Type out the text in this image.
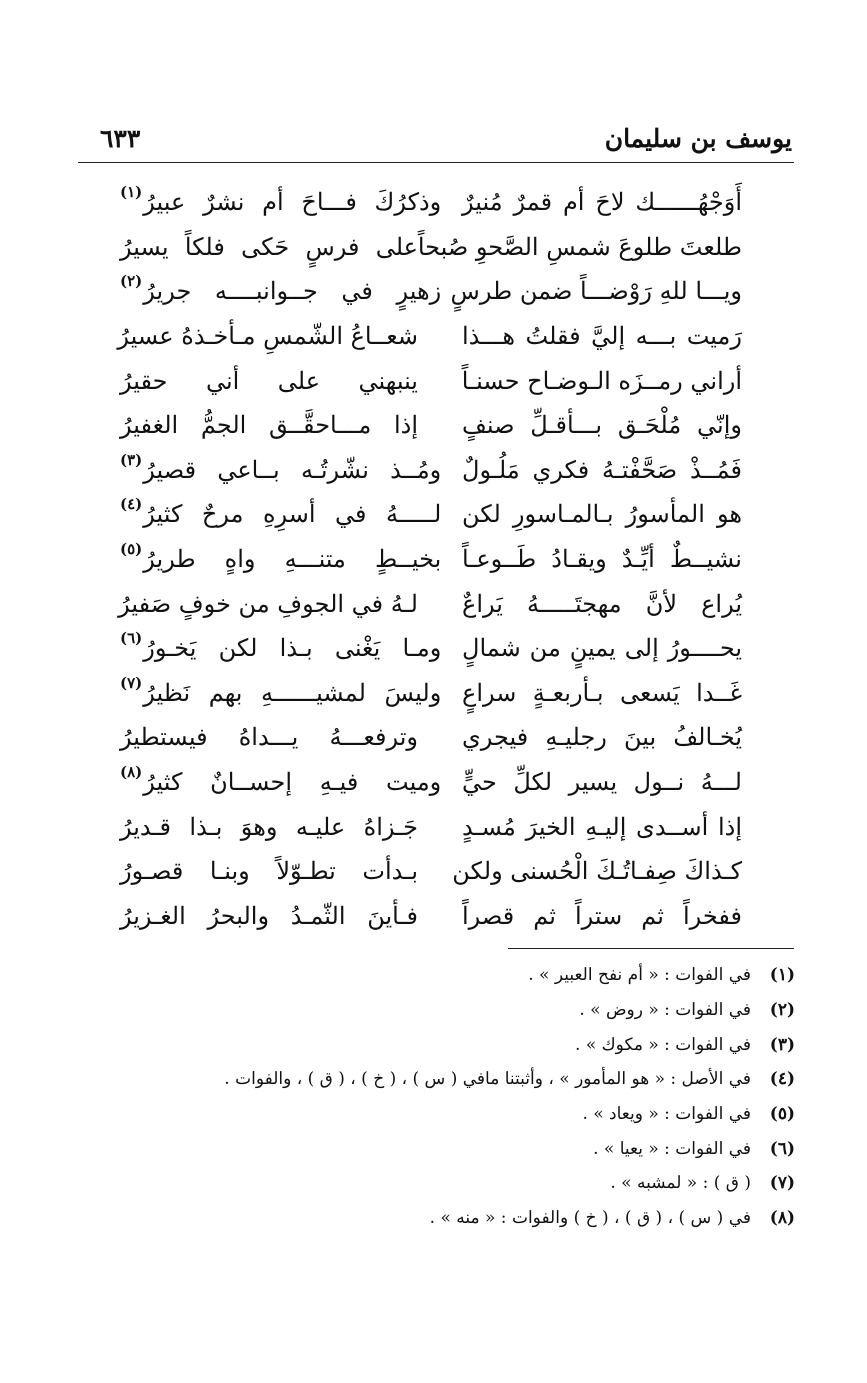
يوسف بن سليمان
٦٣٣
أَوَجْهُــــــك لاحَ أم قمرٌ مُنيرٌ
وذكرُكَ فـــاحَ أم نشرٌ عبيرُ
(١)
طلعتَ طلوعَ شمسِ الصَّحوِ صُبحاً
على فرسٍ حَكى فلكاً يسيرُ
ويـــا للهِ رَوْضـــاً ضمن طرسٍ
زهيرٍ في جــوانبــــه جريرُ
(٢)
رَميت بـــه إليَّ فقلتُ هـــذا
شعــاعُ الشّمسِ مـأخـذهُ عسيرُ
أراني رمــزَه الـوضـاح حسنـاً
ينبهني على أني حقيرُ
وإنّي مُلْحَـق بـــأقـلِّ صنفٍ
إذا مـــاحقَّــق الجمُّ الغفيرُ
فَمُــذْ صَحَّفْتـهُ فكري مَلُـولٌ
ومُــذ نشّرتُـه بــاعي قصيرُ
(٣)
هو المأسورُ بـالمـاسورِ لكن
لـــــهُ في أسرِهِ مرحٌ كثيرُ
(٤)
نشيــطٌ أيِّـدٌ ويقـادُ طَــوعـاً
بخيــطٍ متنـــهِ واهٍ طريرُ
(٥)
يُراع لأنَّ مهجتَـــــهُ يَراعٌ
لـهُ في الجوفِ من خوفٍ صَفيرُ
يحــــورُ إلى يمينٍ من شمالٍ
ومـا يَغْنى بـذا لكن يَخـورُ
(٦)
غَــدا يَسعى بـأربعـةٍ سراعٍ
وليسَ لمشيــــــهِ بهم نَظيرُ
(٧)
يُخـالفُ بينَ رجليـهِ فيجري
وترفعـــهُ يـــداهُ فيستطيرُ
لـــهُ نــول يسير لكلِّ حيٍّ
وميت فيـهِ إحســانٌ كثيرُ
(٨)
إذا أســدى إليـهِ الخيرَ مُسـدٍ
جَـزاهُ عليـه وهوَ بـذا قـديرُ
كـذاكَ صِفـاتُـكَ الْحُسنى ولكن
بـدأت تطـوّلاً وبنـا قصـورُ
ففخراً ثم ستراً ثم قصراً
فـأينَ الثّمـدُ والبحرُ الغـزيرُ
(١)
في الفوات : « أم نفح العبير » .
(٢)
في الفوات : « روض » .
(٣)
في الفوات : « مكوك » .
(٤)
في الأصل : « هو المأمور » ، وأثبتنا مافي ( س ) ، ( خ ) ، ( ق ) ، والفوات .
(٥)
في الفوات : « ويعاد » .
(٦)
في الفوات : « يعيا » .
(٧)
( ق ) : « لمشبه » .
(٨)
في ( س ) ، ( ق ) ، ( خ ) والفوات : « منه » .
